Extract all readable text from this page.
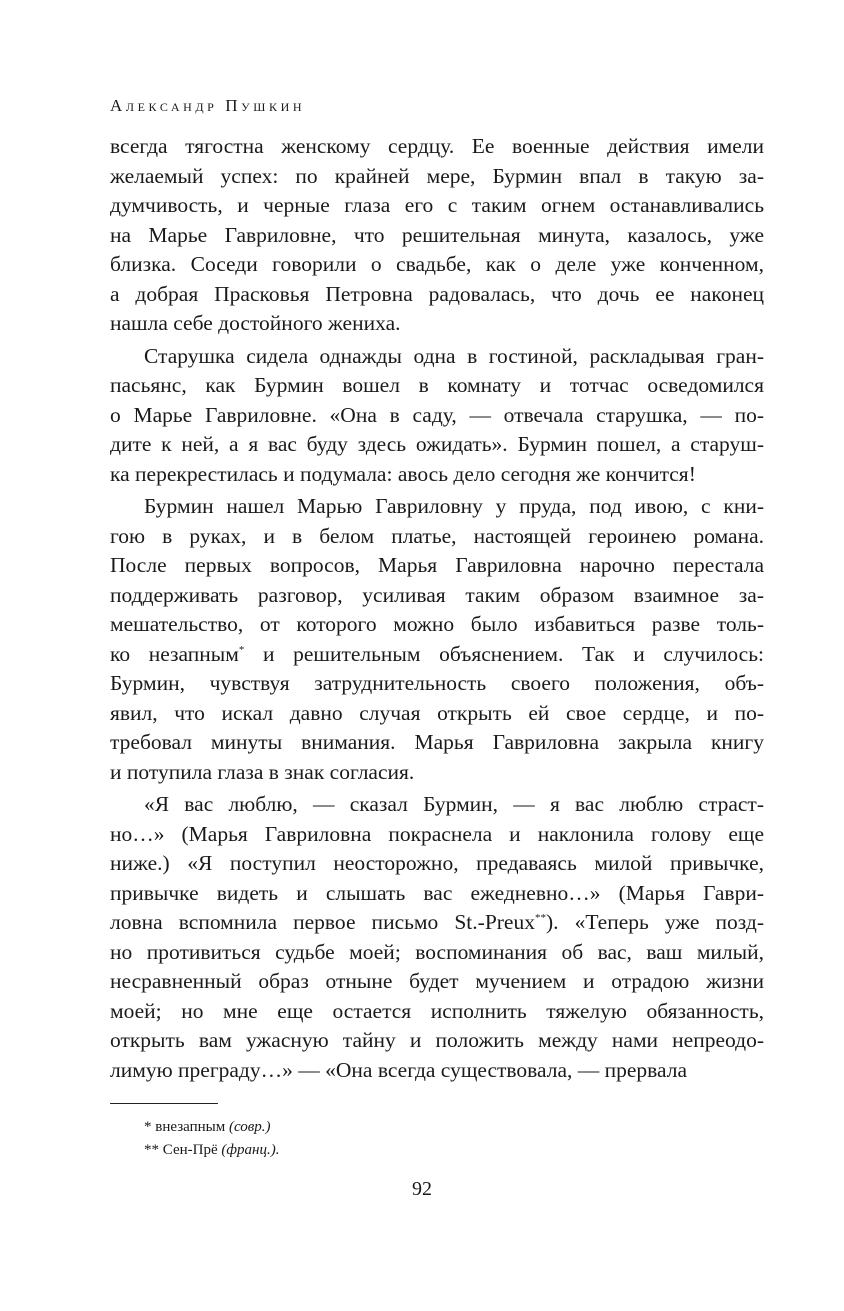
Александр Пушкин
всегда тягостна женскому сердцу. Ее военные действия имели
желаемый успех: по крайней мере, Бурмин впал в такую за-
думчивость, и черные глаза его с таким огнем останавливались
на Марье Гавриловне, что решительная минута, казалось, уже
близка. Соседи говорили о свадьбе, как о деле уже конченном,
а добрая Прасковья Петровна радовалась, что дочь ее наконец
нашла себе достойного жениха.
Старушка сидела однажды одна в гостиной, раскладывая гран-
пасьянс, как Бурмин вошел в комнату и тотчас осведомился
о Марье Гавриловне. «Она в саду, — отвечала старушка, — по-
дите к ней, а я вас буду здесь ожидать». Бурмин пошел, а старуш-
ка перекрестилась и подумала: авось дело сегодня же кончится!
Бурмин нашел Марью Гавриловну у пруда, под ивою, с кни-
гою в руках, и в белом платье, настоящей героинею романа.
После первых вопросов, Марья Гавриловна нарочно перестала
поддерживать разговор, усиливая таким образом взаимное за-
мешательство, от которого можно было избавиться разве толь-
ко незапным* и решительным объяснением. Так и случилось:
Бурмин, чувствуя затруднительность своего положения, объ-
явил, что искал давно случая открыть ей свое сердце, и по-
требовал минуты внимания. Марья Гавриловна закрыла книгу
и потупила глаза в знак согласия.
«Я вас люблю, — сказал Бурмин, — я вас люблю страст-
но…» (Марья Гавриловна покраснела и наклонила голову еще
ниже.) «Я поступил неосторожно, предаваясь милой привычке,
привычке видеть и слышать вас ежедневно…» (Марья Гаври-
ловна вспомнила первое письмо St.-Preux**). «Теперь уже позд-
но противиться судьбе моей; воспоминания об вас, ваш милый,
несравненный образ отныне будет мучением и отрадою жизни
моей; но мне еще остается исполнить тяжелую обязанность,
открыть вам ужасную тайну и положить между нами непреодо-
лимую преграду…» — «Она всегда существовала, — прервала
* внезапным (совр.)
** Сен-Прё (франц.).
92
